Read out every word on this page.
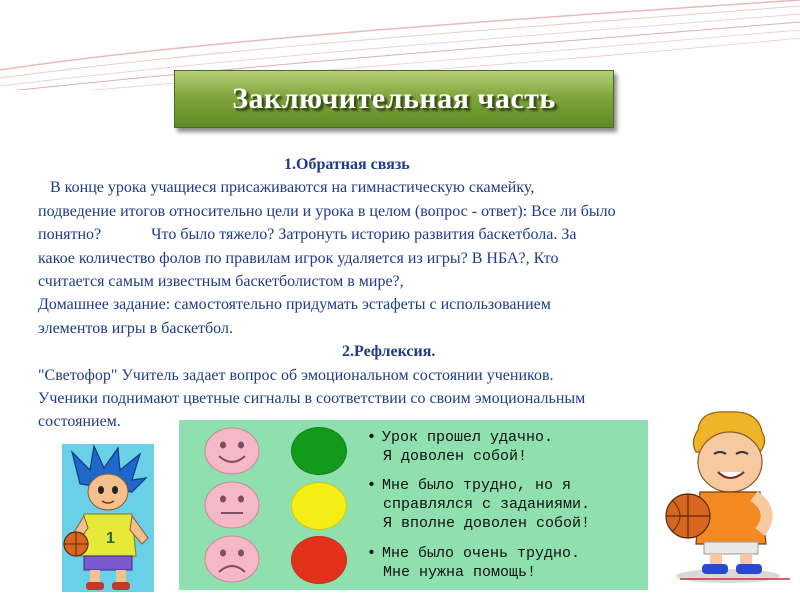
Заключительная часть

1.Обратная связь

В конце урока учащиеся присаживаются на гимнастическую скамейку,

подведение итогов относительно цели и урока в целом (вопрос - ответ): Все ли было

понятно?	Что было тяжело? Затронуть историю развития баскетбола. За

какое количество фолов по правилам игрок удаляется из игры? В НБА?, Кто

считается самым известным баскетболистом в мире?,

Домашнее задание: самостоятельно придумать эстафеты с использованием

элементов игры в баскетбол.

2.Рефлексия.

"Светофор" Учитель задает вопрос об эмоциональном состоянии учеников.

Ученики поднимают цветные сигналы в соответствии со своим эмоциональным

состоянием.

• Урок прошел удачно.
Я доволен собой!
• Мне было трудно, но я
справлялся с заданиями.
Я вполне доволен собой!
• Мне было очень трудно.
Мне нужна помощь!
1
